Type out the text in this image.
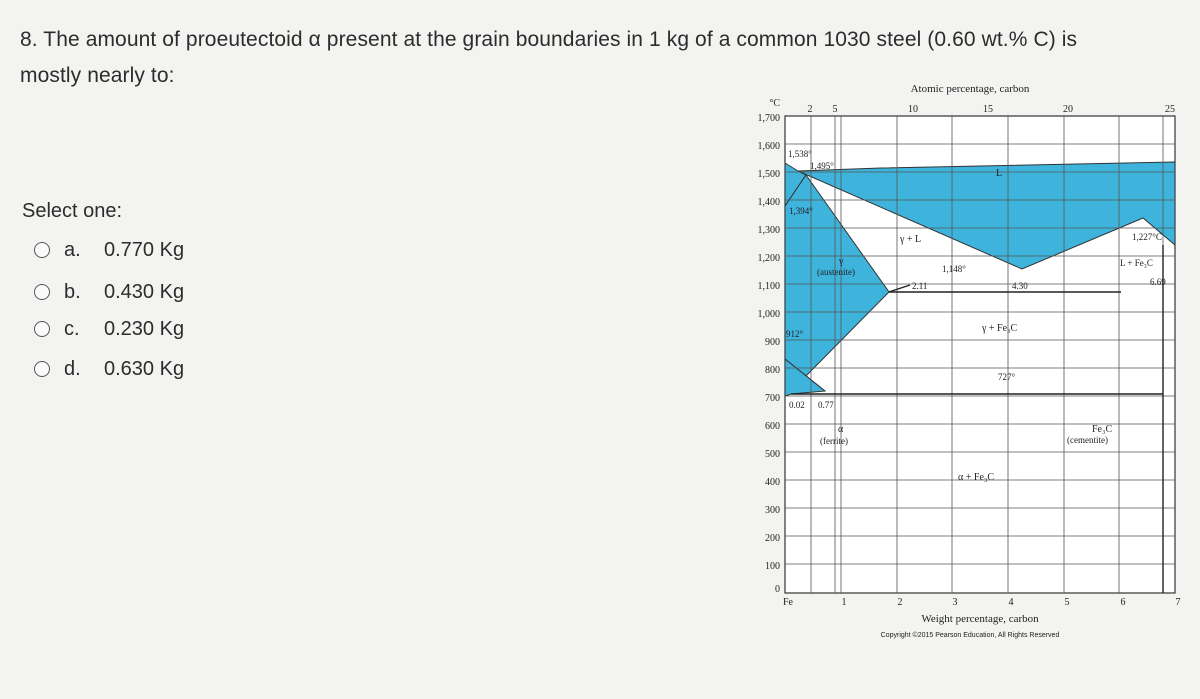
8. The amount of proeutectoid α present at the grain boundaries in 1 kg of a common 1030 steel (0.60 wt.% C) is
mostly nearly to:
Select one:
a.	0.770 Kg
b.	0.430 Kg
c.	0.230 Kg
d.	0.630 Kg
°C
1,700
1,600
1,500
1,400
1,300
1,200
1,100
1,000
900
800
700
600
500
400
300
200
100
0
Atomic percentage, carbon
2 5	10	15	20	25
Fe	1	2	3	4	5	6	7
Weight percentage, carbon
Copyright ©2015 Pearson Education, All Rights Reserved
1,538°
1,495°
1,394°
912°
1,148°
727°
1,227°C
2.11	4.30	6.69
0.02 0.77
L
γ + L
γ
(austenite)
γ + Fe₃C
α
(ferrite)
α + Fe₃C
Fe₃C
(cementite)
L + Fe₃C
